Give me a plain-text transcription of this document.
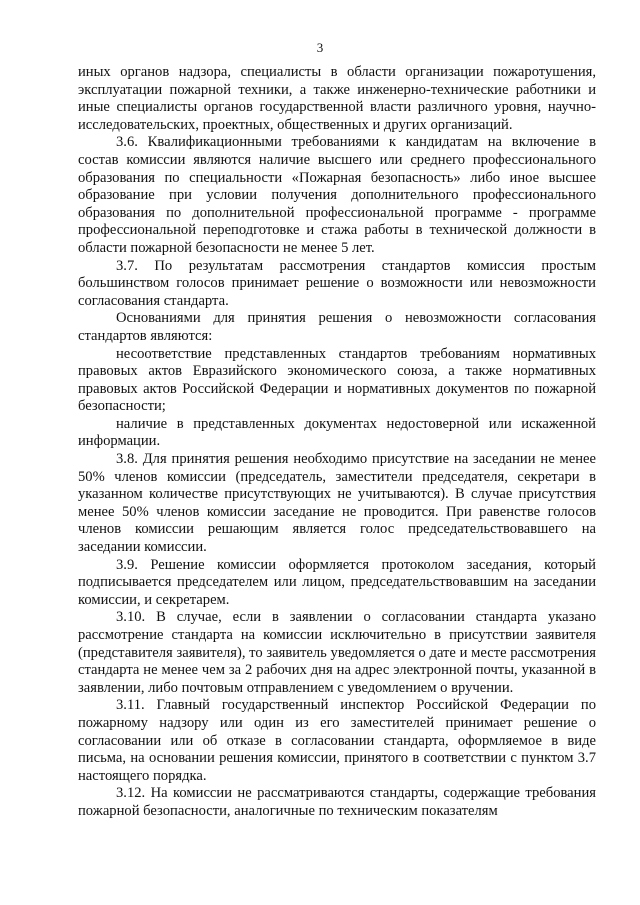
3

иных органов надзора, специалисты в области организации пожаротушения, эксплуатации пожарной техники, а также инженерно-технические работники и иные специалисты органов государственной власти различного уровня, научно-исследовательских, проектных, общественных и других организаций.

3.6. Квалификационными требованиями к кандидатам на включение в состав комиссии являются наличие высшего или среднего профессионального образования по специальности «Пожарная безопасность» либо иное высшее образование при условии получения дополнительного профессионального образования по дополнительной профессиональной программе - программе профессиональной переподготовке и стажа работы в технической должности в области пожарной безопасности не менее 5 лет.

3.7. По результатам рассмотрения стандартов комиссия простым большинством голосов принимает решение о возможности или невозможности согласования стандарта.

Основаниями для принятия решения о невозможности согласования стандартов являются:

несоответствие представленных стандартов требованиям нормативных правовых актов Евразийского экономического союза, а также нормативных правовых актов Российской Федерации и нормативных документов по пожарной безопасности;

наличие в представленных документах недостоверной или искаженной информации.

3.8. Для принятия решения необходимо присутствие на заседании не менее 50% членов комиссии (председатель, заместители председателя, секретари в указанном количестве присутствующих не учитываются). В случае присутствия менее 50% членов комиссии заседание не проводится. При равенстве голосов членов комиссии решающим является голос председательствовавшего на заседании комиссии.

3.9. Решение комиссии оформляется протоколом заседания, который подписывается председателем или лицом, председательствовавшим на заседании комиссии, и секретарем.

3.10. В случае, если в заявлении о согласовании стандарта указано рассмотрение стандарта на комиссии исключительно в присутствии заявителя (представителя заявителя), то заявитель уведомляется о дате и месте рассмотрения стандарта не менее чем за 2 рабочих дня на адрес электронной почты, указанной в заявлении, либо почтовым отправлением с уведомлением о вручении.

3.11. Главный государственный инспектор Российской Федерации по пожарному надзору или один из его заместителей принимает решение о согласовании или об отказе в согласовании стандарта, оформляемое в виде письма, на основании решения комиссии, принятого в соответствии с пунктом 3.7 настоящего порядка.

3.12. На комиссии не рассматриваются стандарты, содержащие требования пожарной безопасности, аналогичные по техническим показателям
